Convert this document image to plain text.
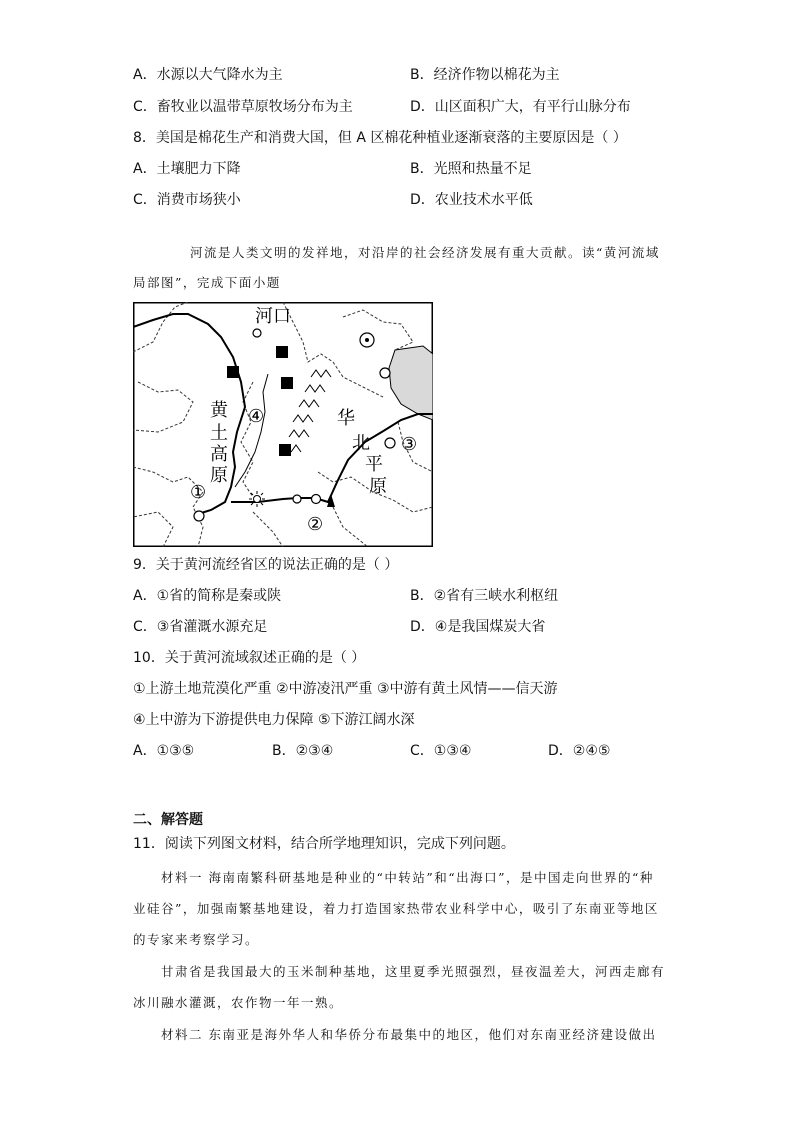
A．水源以大气降水为主	B．经济作物以棉花为主
C．畜牧业以温带草原牧场分布为主	D．山区面积广大，有平行山脉分布
8．美国是棉花生产和消费大国，但 A 区棉花种植业逐渐衰落的主要原因是（ ）
A．土壤肥力下降	B．光照和热量不足
C．消费市场狭小	D．农业技术水平低
河流是人类文明的发祥地，对沿岸的社会经济发展有重大贡献。读“黄河流域
局部图”，完成下面小题
河口
黄
土
高
原
华
北
平
原
①
②
③
④
9．关于黄河流经省区的说法正确的是（ ）
A．①省的简称是秦或陕	B．②省有三峡水利枢纽
C．③省灌溉水源充足	D．④是我国煤炭大省
10．关于黄河流域叙述正确的是（ ）
①上游土地荒漠化严重 ②中游凌汛严重 ③中游有黄土风情——信天游
④上中游为下游提供电力保障 ⑤下游江阔水深
A．①③⑤	B．②③④	C．①③④	D．②④⑤
二、解答题
11．阅读下列图文材料，结合所学地理知识，完成下列问题。
材料一 海南南繁科研基地是种业的“中转站”和“出海口”，是中国走向世界的“种
业硅谷”，加强南繁基地建设，着力打造国家热带农业科学中心，吸引了东南亚等地区
的专家来考察学习。
甘肃省是我国最大的玉米制种基地，这里夏季光照强烈，昼夜温差大，河西走廊有
冰川融水灌溉，农作物一年一熟。
材料二 东南亚是海外华人和华侨分布最集中的地区，他们对东南亚经济建设做出
